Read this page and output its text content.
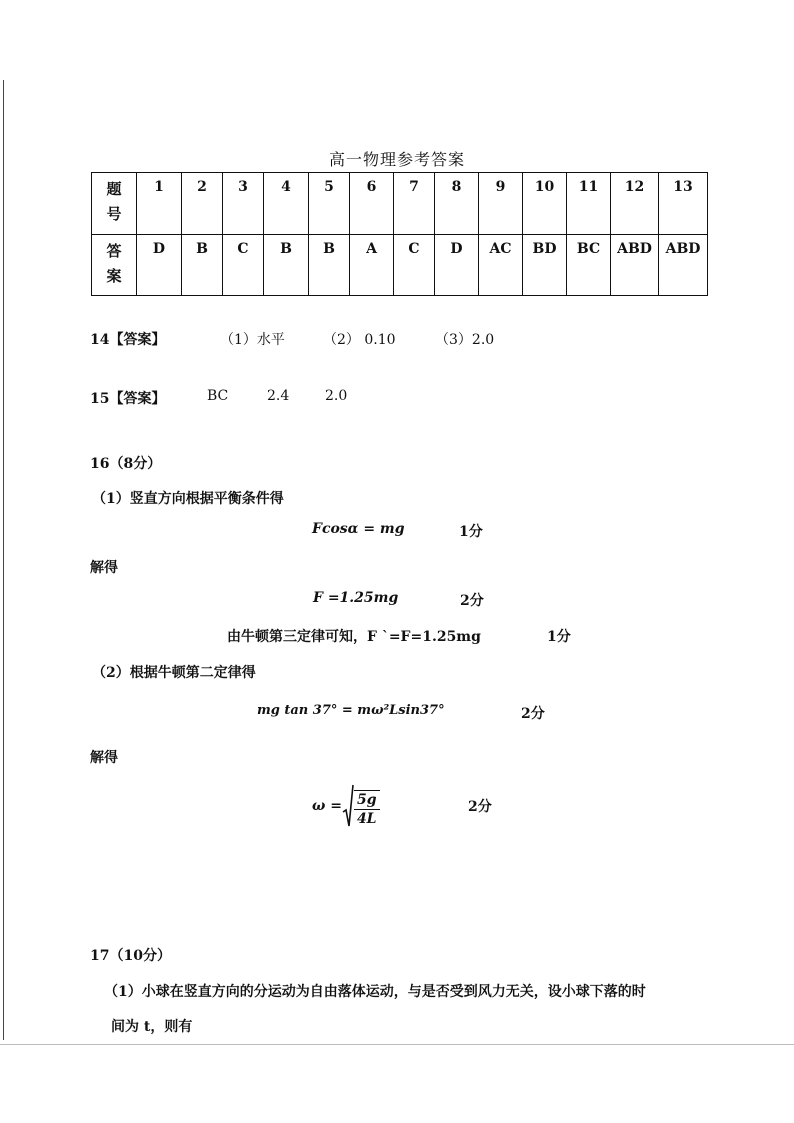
高一物理参考答案
题
号	1	2	3	4	5	6	7	8	9	10	11	12	13
答
案	D	B	C	B	B	A	C	D	AC	BD	BC	ABD	ABD
14【答案】	（1）水平	（2） 0.10	（3）2.0
15【答案】	BC	2.4	2.0
16（8分）
（1）竖直方向根据平衡条件得
Fcosα = mg	1分
解得
F =1.25mg	2分
由牛顿第三定律可知，F `=F=1.25mg	1分
（2）根据牛顿第二定律得
mg tan 37° = mω²Lsin37°	2分
解得
ω = 5g
4L
2分
17（10分）
（1）小球在竖直方向的分运动为自由落体运动，与是否受到风力无关，设小球下落的时
间为 t，则有
